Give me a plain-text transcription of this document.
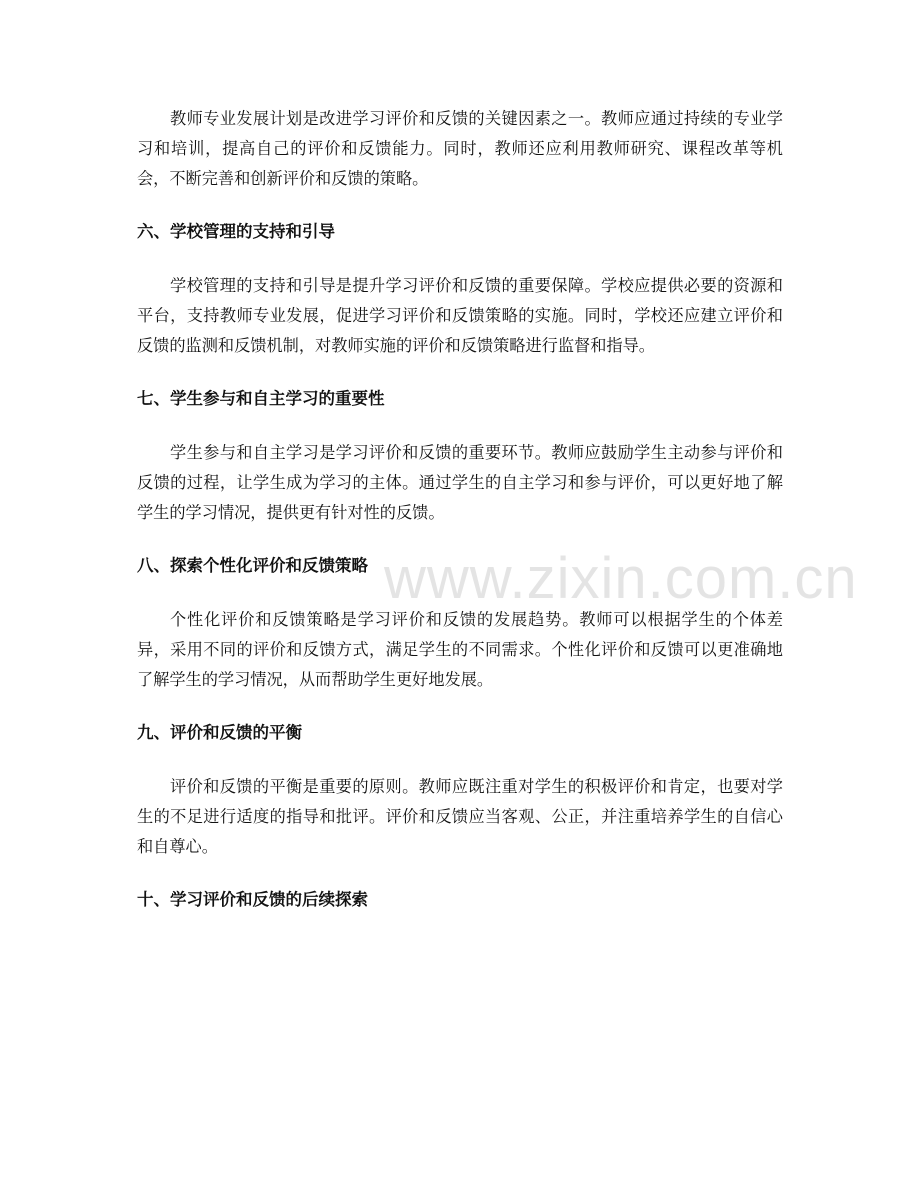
教师专业发展计划是改进学习评价和反馈的关键因素之一。教师应通过持续的专业学习和培训，提高自己的评价和反馈能力。同时，教师还应利用教师研究、课程改革等机会，不断完善和创新评价和反馈的策略。

六、学校管理的支持和引导

学校管理的支持和引导是提升学习评价和反馈的重要保障。学校应提供必要的资源和平台，支持教师专业发展，促进学习评价和反馈策略的实施。同时，学校还应建立评价和反馈的监测和反馈机制，对教师实施的评价和反馈策略进行监督和指导。

七、学生参与和自主学习的重要性

学生参与和自主学习是学习评价和反馈的重要环节。教师应鼓励学生主动参与评价和反馈的过程，让学生成为学习的主体。通过学生的自主学习和参与评价，可以更好地了解学生的学习情况，提供更有针对性的反馈。

八、探索个性化评价和反馈策略

个性化评价和反馈策略是学习评价和反馈的发展趋势。教师可以根据学生的个体差异，采用不同的评价和反馈方式，满足学生的不同需求。个性化评价和反馈可以更准确地了解学生的学习情况，从而帮助学生更好地发展。

九、评价和反馈的平衡

评价和反馈的平衡是重要的原则。教师应既注重对学生的积极评价和肯定，也要对学生的不足进行适度的指导和批评。评价和反馈应当客观、公正，并注重培养学生的自信心和自尊心。

十、学习评价和反馈的后续探索
www.zixin.com.cn
